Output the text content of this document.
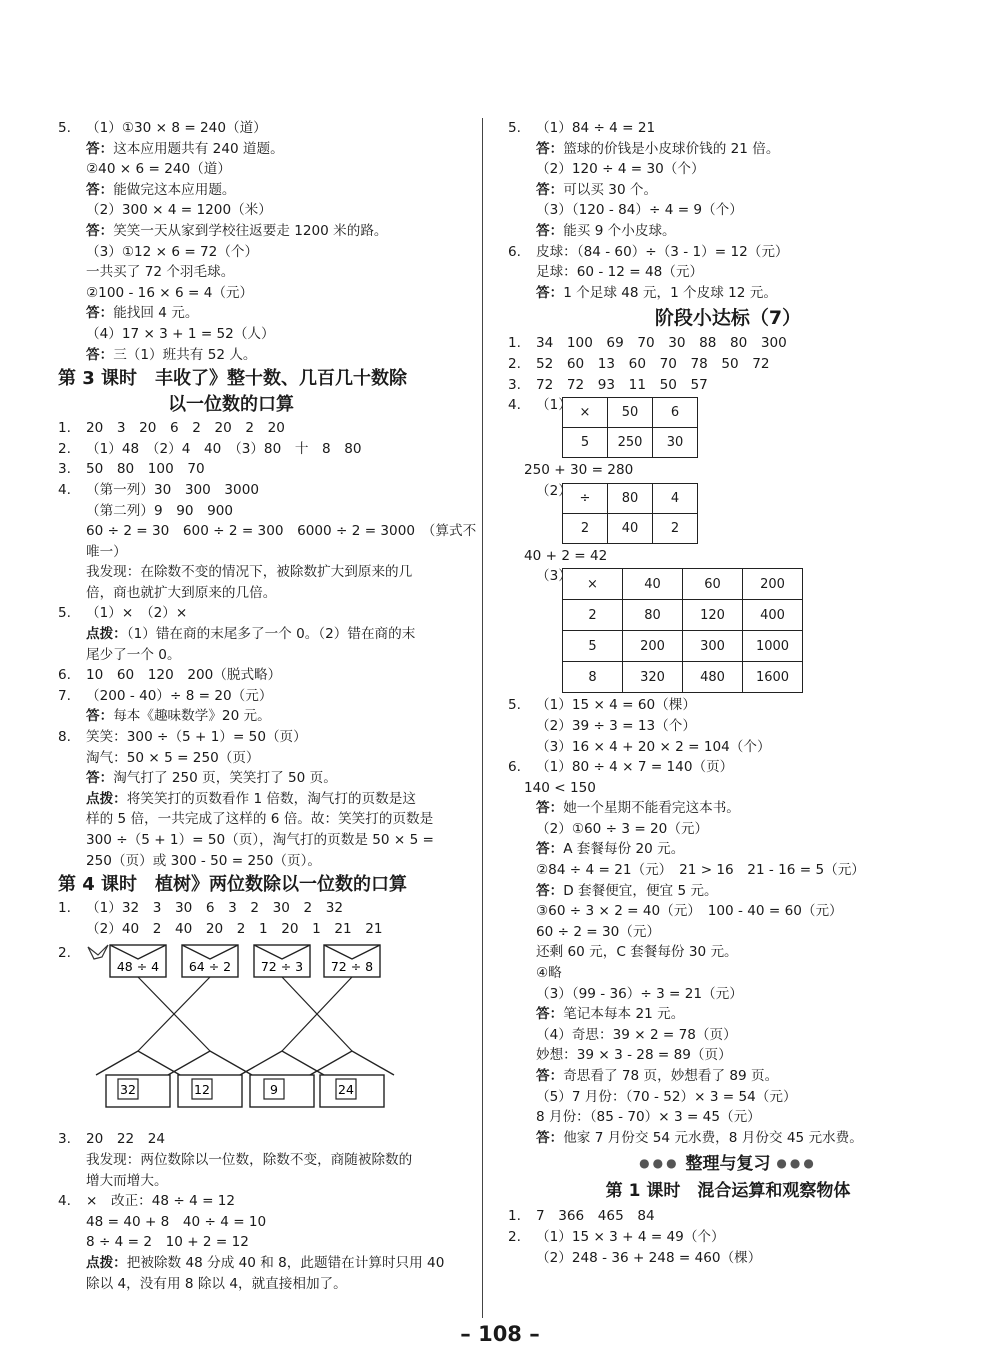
5. （1）①30 × 8 = 240（道）
答：这本应用题共有 240 道题。
②40 × 6 = 240（道）
答：能做完这本应用题。
（2）300 × 4 = 1200（米）
答：笑笑一天从家到学校往返要走 1200 米的路。
（3）①12 × 6 = 72（个）
一共买了 72 个羽毛球。
②100 - 16 × 6 = 4（元）
答：能找回 4 元。
（4）17 × 3 + 1 = 52（人）
答：三（1）班共有 52 人。
第 3 课时　丰收了》整十数、几百几十数除
以一位数的口算
1. 20　3　20　6　2　20　2　20
2. （1）48　（2）4　40　（3）80　十　8　80
3. 50　80　100　70
4. （第一列）30　300　3000
（第二列）9　90　900
60 ÷ 2 = 30　600 ÷ 2 = 300　6000 ÷ 2 = 3000　（算式不
唯一）
我发现：在除数不变的情况下，被除数扩大到原来的几
倍，商也就扩大到原来的几倍。
5. （1）×　（2）×
点拨：（1）错在商的末尾多了一个 0。（2）错在商的末
尾少了一个 0。
6. 10　60　120　200（脱式略）
7. （200 - 40）÷ 8 = 20（元）
答：每本《趣味数学》20 元。
8. 笑笑：300 ÷（5 + 1）= 50（页）
淘气：50 × 5 = 250（页）
答：淘气打了 250 页，笑笑打了 50 页。
点拨：将笑笑打的页数看作 1 倍数，淘气打的页数是这
样的 5 倍，一共完成了这样的 6 倍。故：笑笑打的页数是
300 ÷（5 + 1）= 50（页），淘气打的页数是 50 × 5 =
250（页）或 300 - 50 = 250（页）。
第 4 课时　植树》两位数除以一位数的口算
1. （1）32　3　30　6　3　2　30　2　32
（2）40　2　40　20　2　1　20　1　21　21
2.
48 ÷ 4 64 ÷ 2 72 ÷ 3 72 ÷ 8
32	12	9	24
3. 20　22　24
我发现：两位数除以一位数，除数不变，商随被除数的
增大而增大。
4. ×　改正：48 ÷ 4 = 12
48 = 40 + 8　40 ÷ 4 = 10
8 ÷ 4 = 2　10 + 2 = 12
点拨：把被除数 48 分成 40 和 8，此题错在计算时只用 40
除以 4，没有用 8 除以 4，就直接相加了。
5. （1）84 ÷ 4 = 21
答：篮球的价钱是小皮球价钱的 21 倍。
（2）120 ÷ 4 = 30（个）
答：可以买 30 个。
（3）（120 - 84）÷ 4 = 9（个）
答：能买 9 个小皮球。
6. 皮球：（84 - 60）÷（3 - 1）= 12（元）
足球：60 - 12 = 48（元）
答：1 个足球 48 元，1 个皮球 12 元。
阶段小达标（7）
1. 34　100　69　70　30　88　80　300
2. 52　60　13　60　70　78　50　72
3. 72　72　93　11　50　57
4.	（1） ×	50	6
5	250	30
250 + 30 = 280
（2） ÷	80	4
2	40	2
40 + 2 = 42
（3） ×	40	60	200
2	80	120	400
5	200	300	1000
8	320	480	1600
5. （1）15 × 4 = 60（棵）
（2）39 ÷ 3 = 13（个）
（3）16 × 4 + 20 × 2 = 104（个）
6. （1）80 ÷ 4 × 7 = 140（页）
140 < 150
答：她一个星期不能看完这本书。
（2）①60 ÷ 3 = 20（元）
答：A 套餐每份 20 元。
②84 ÷ 4 = 21（元）　21 > 16　21 - 16 = 5（元）
答：D 套餐便宜，便宜 5 元。
③60 ÷ 3 × 2 = 40（元）　100 - 40 = 60（元）
60 ÷ 2 = 30（元）
还剩 60 元，C 套餐每份 30 元。
④略
（3）（99 - 36）÷ 3 = 21（元）
答：笔记本每本 21 元。
（4）奇思：39 × 2 = 78（页）
妙想：39 × 3 - 28 = 89（页）
答：奇思看了 78 页，妙想看了 89 页。
（5）7 月份：（70 - 52）× 3 = 54（元）
8 月份：（85 - 70）× 3 = 45（元）
答：他家 7 月份交 54 元水费，8 月份交 45 元水费。
●●● 整理与复习 ●●●
第 1 课时　混合运算和观察物体
1. 7　366　465　84
2. （1）15 × 3 + 4 = 49（个）
（2）248 - 36 + 248 = 460（棵）
– 108 –
